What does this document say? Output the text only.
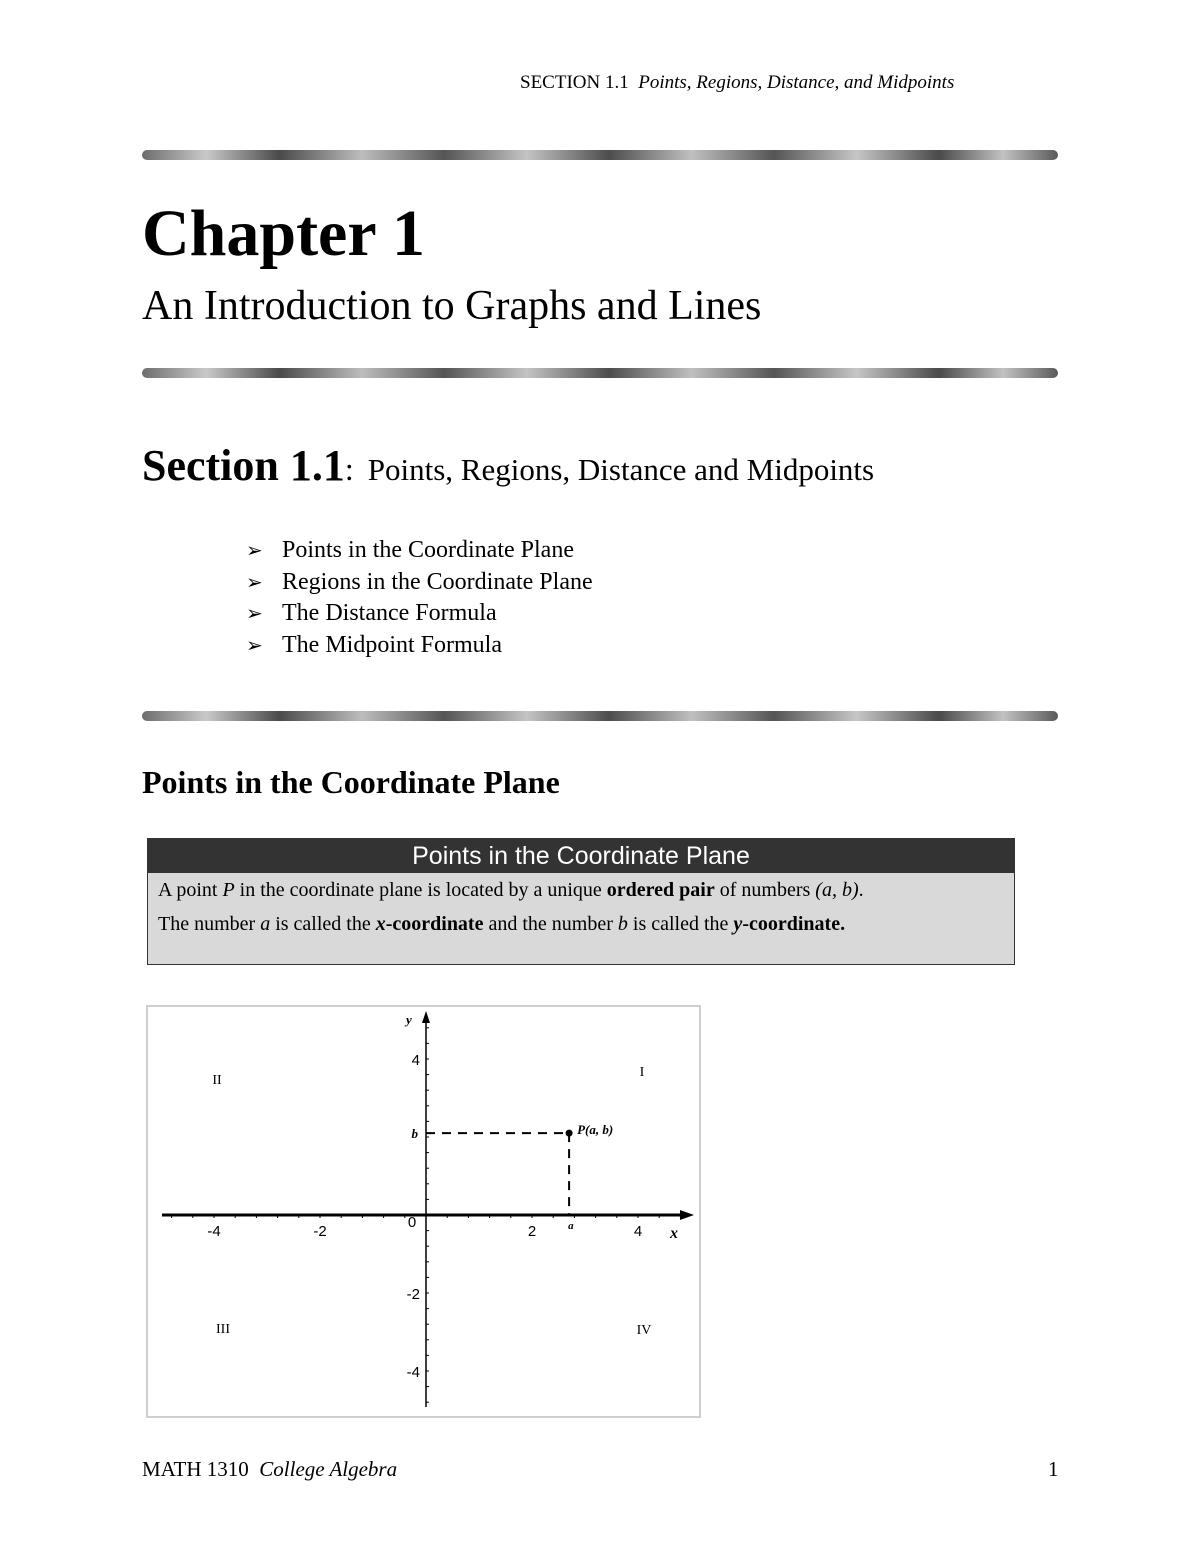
SECTION 1.1 Points, Regions, Distance, and Midpoints
Chapter 1
An Introduction to Graphs and Lines
Section 1.1: Points, Regions, Distance and Midpoints
➢ Points in the Coordinate Plane
➢ Regions in the Coordinate Plane
➢ The Distance Formula
➢ The Midpoint Formula
Points in the Coordinate Plane
Points in the Coordinate Plane
A point P in the coordinate plane is located by a unique ordered pair of numbers (a, b).
The number a is called the x-coordinate and the number b is called the y-coordinate.
-4	-2
0
2	4
4
-2
-4
x
y
I
II
III	IV
P(a, b)
a
b
MATH 1310 College Algebra	1
